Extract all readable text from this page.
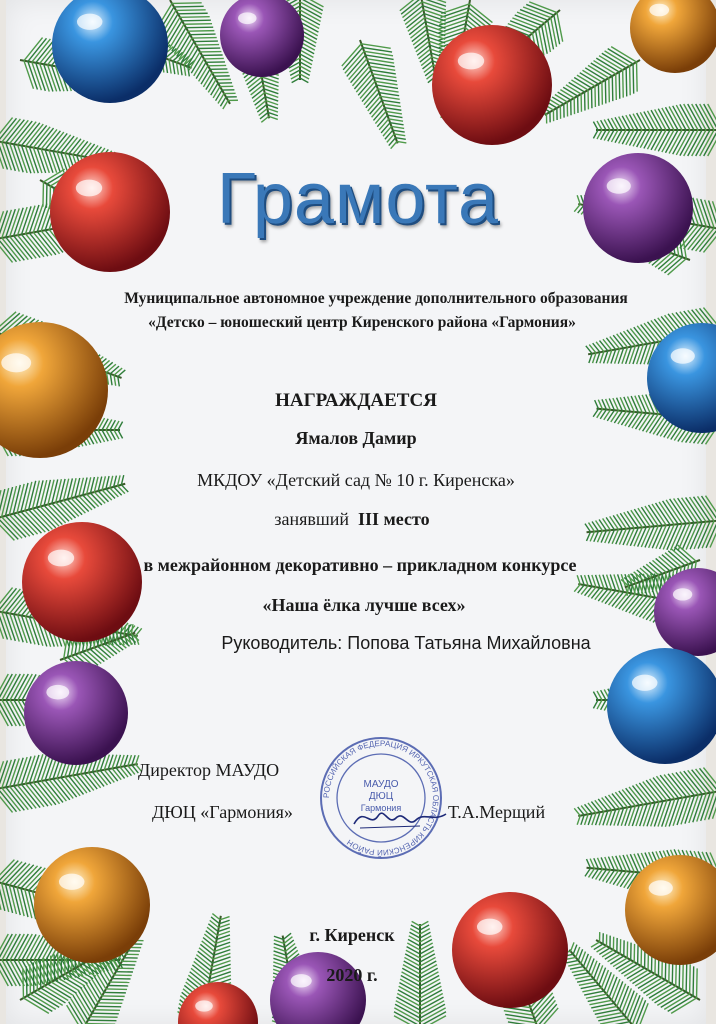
Грамота
Муниципальное автономное учреждение дополнительного образования
«Детско – юношеский центр Киренского района «Гармония»
НАГРАЖДАЕТСЯ
Ямалов Дамир
МКДОУ «Детский сад № 10 г. Киренска»
занявший III место
в межрайонном декоративно – прикладном конкурсе
«Наша ёлка лучше всех»
Руководитель: Попова Татьяна Михайловна
Директор МАУДО
ДЮЦ «Гармония»	Т.А.Мерщий
РОССИЙСКАЯ ФЕДЕРАЦИЯ ИРКУТСКАЯ ОБЛАСТЬ КИРЕНСКИЙ РАЙОН
МАУДО
ДЮЦ
Гармония
г. Киренск
2020 г.
